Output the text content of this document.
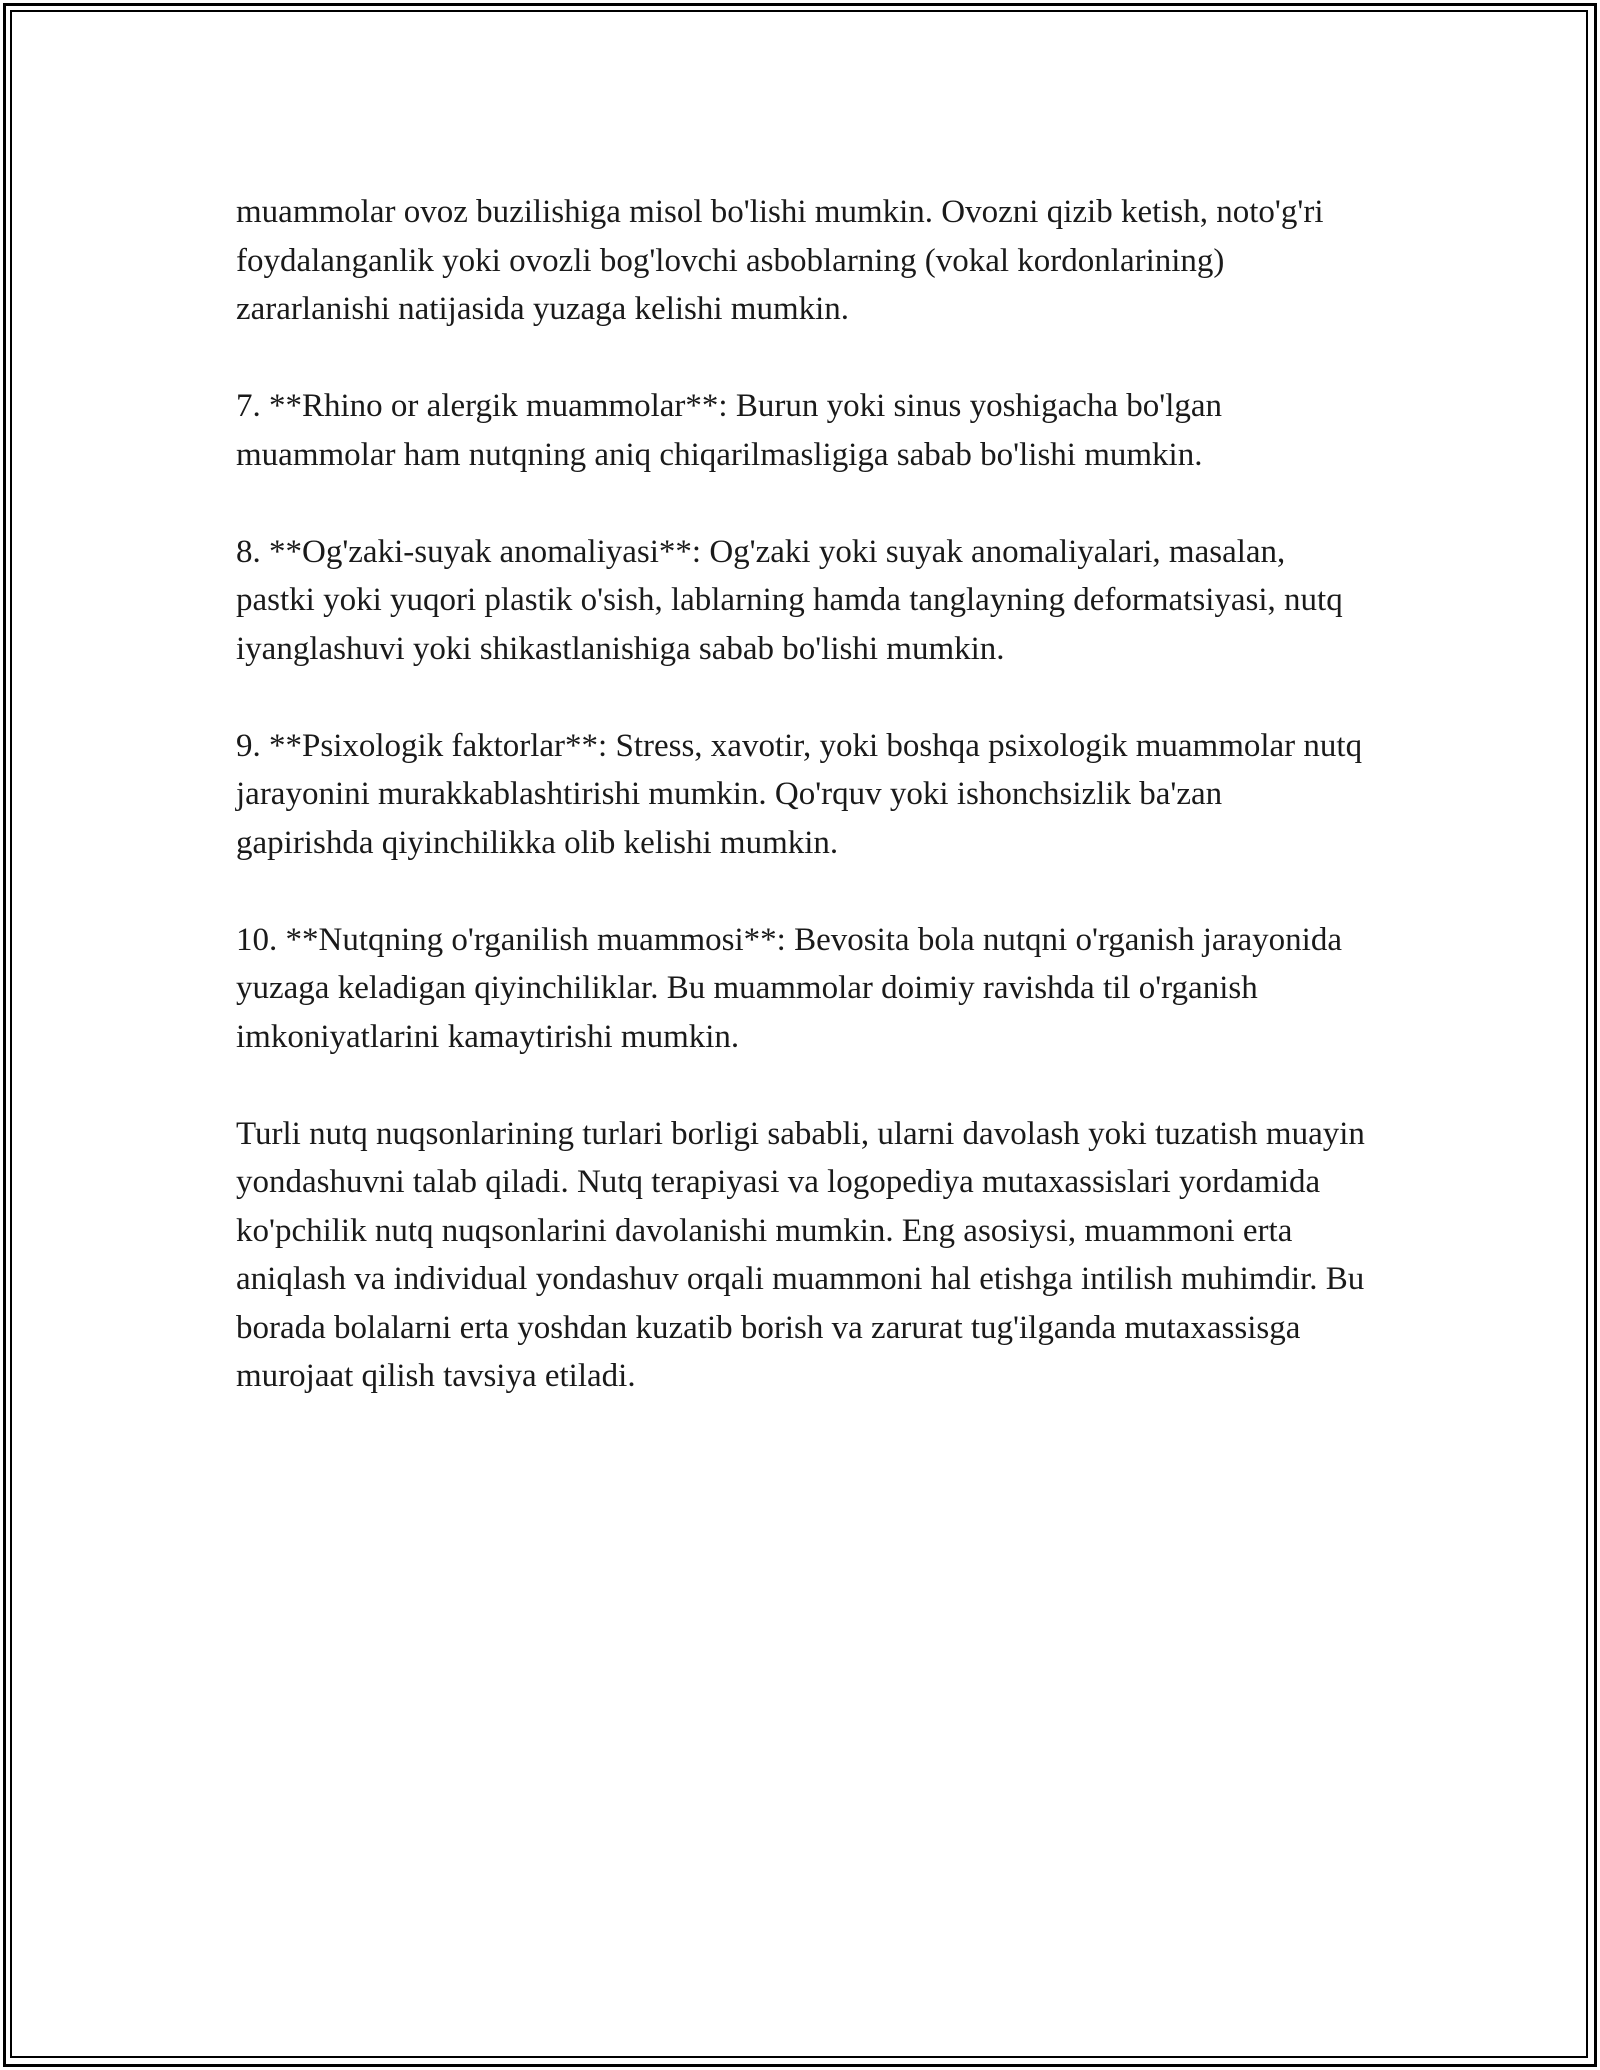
muammolar ovoz buzilishiga misol bo'lishi mumkin. Ovozni qizib ketish, noto'g'ri foydalanganlik yoki ovozli bog'lovchi asboblarning (vokal kordonlarining) zararlanishi natijasida yuzaga kelishi mumkin.

7. **Rhino or alergik muammolar**: Burun yoki sinus yoshigacha bo'lgan muammolar ham nutqning aniq chiqarilmasligiga sabab bo'lishi mumkin.

8. **Og'zaki-suyak anomaliyasi**: Og'zaki yoki suyak anomaliyalari, masalan, pastki yoki yuqori plastik o'sish, lablarning hamda tanglayning deformatsiyasi, nutq iyanglashuvi yoki shikastlanishiga sabab bo'lishi mumkin.

9. **Psixologik faktorlar**: Stress, xavotir, yoki boshqa psixologik muammolar nutq jarayonini murakkablashtirishi mumkin. Qo'rquv yoki ishonchsizlik ba'zan gapirishda qiyinchilikka olib kelishi mumkin.

10. **Nutqning o'rganilish muammosi**: Bevosita bola nutqni o'rganish jarayonida yuzaga keladigan qiyinchiliklar. Bu muammolar doimiy ravishda til o'rganish imkoniyatlarini kamaytirishi mumkin.

Turli nutq nuqsonlarining turlari borligi sababli, ularni davolash yoki tuzatish muayin yondashuvni talab qiladi. Nutq terapiyasi va logopediya mutaxassislari yordamida ko'pchilik nutq nuqsonlarini davolanishi mumkin. Eng asosiysi, muammoni erta aniqlash va individual yondashuv orqali muammoni hal etishga intilish muhimdir. Bu borada bolalarni erta yoshdan kuzatib borish va zarurat tug'ilganda mutaxassisga murojaat qilish tavsiya etiladi.
